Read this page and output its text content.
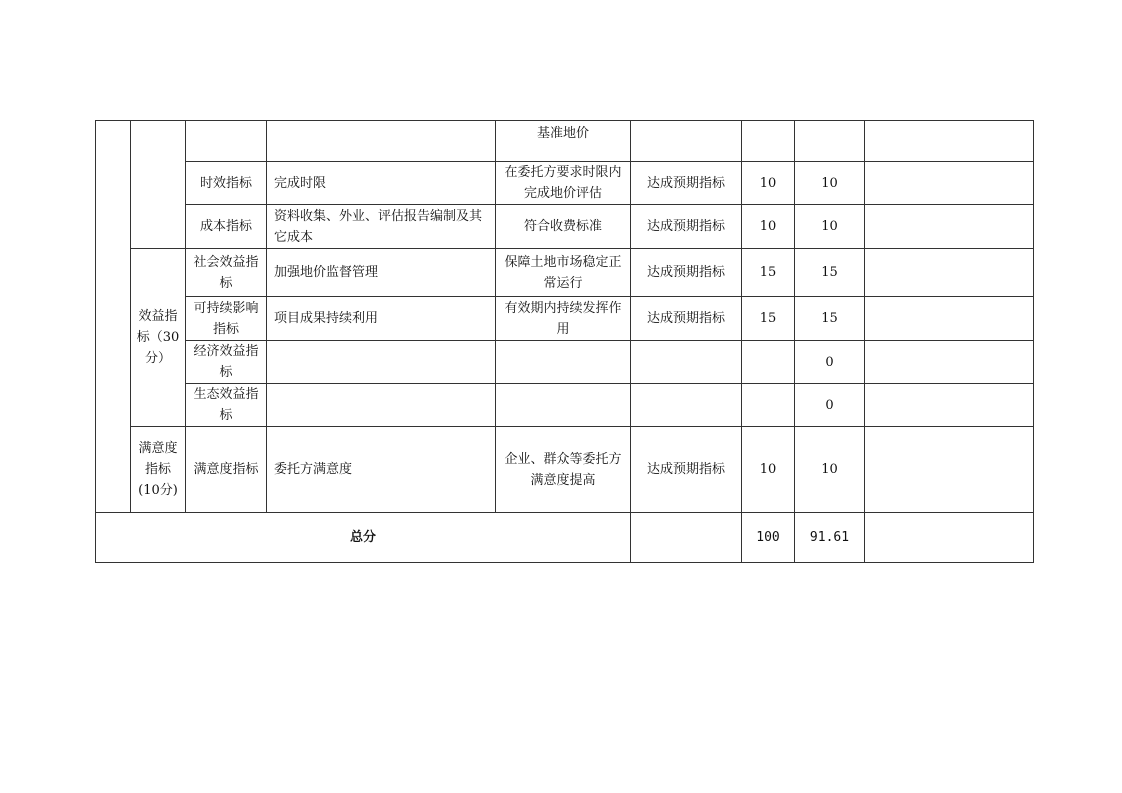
				基准地价				
		时效指标	完成时限	在委托方要求时限内完成地价评估	达成预期指标	10	10	
		成本指标	资料收集、外业、评估报告编制及其它成本	符合收费标准	达成预期指标	10	10	
	效益指标（30分）	社会效益指标	加强地价监督管理	保障土地市场稳定正常运行	达成预期指标	15	15	
		可持续影响指标	项目成果持续利用	有效期内持续发挥作用	达成预期指标	15	15	
		经济效益指标					0	
		生态效益指标					0	
	满意度指标(10分)	满意度指标	委托方满意度	企业、群众等委托方满意度提高	达成预期指标	10	10	
总分						100	91.61	
